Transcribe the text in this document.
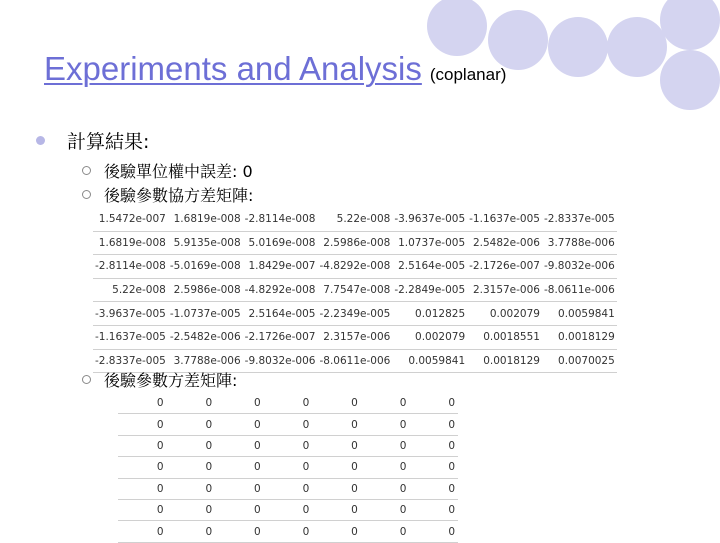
Experiments and Analysis (coplanar)
計算結果:
後驗單位權中誤差: 0
後驗參數協方差矩陣:
1.5472e-007	1.6819e-008	-2.8114e-008	5.22e-008	-3.9637e-005	-1.1637e-005	-2.8337e-005
1.6819e-008	5.9135e-008	5.0169e-008	2.5986e-008	1.0737e-005	2.5482e-006	3.7788e-006
-2.8114e-008	-5.0169e-008	1.8429e-007	-4.8292e-008	2.5164e-005	-2.1726e-007	-9.8032e-006
5.22e-008	2.5986e-008	-4.8292e-008	7.7547e-008	-2.2849e-005	2.3157e-006	-8.0611e-006
-3.9637e-005	-1.0737e-005	2.5164e-005	-2.2349e-005	0.012825	0.002079	0.0059841
-1.1637e-005	-2.5482e-006	-2.1726e-007	2.3157e-006	0.002079	0.0018551	0.0018129
-2.8337e-005	3.7788e-006	-9.8032e-006	-8.0611e-006	0.0059841	0.0018129	0.0070025
後驗參數方差矩陣:
0	0	0	0	0	0	0
0	0	0	0	0	0	0
0	0	0	0	0	0	0
0	0	0	0	0	0	0
0	0	0	0	0	0	0
0	0	0	0	0	0	0
0	0	0	0	0	0	0
